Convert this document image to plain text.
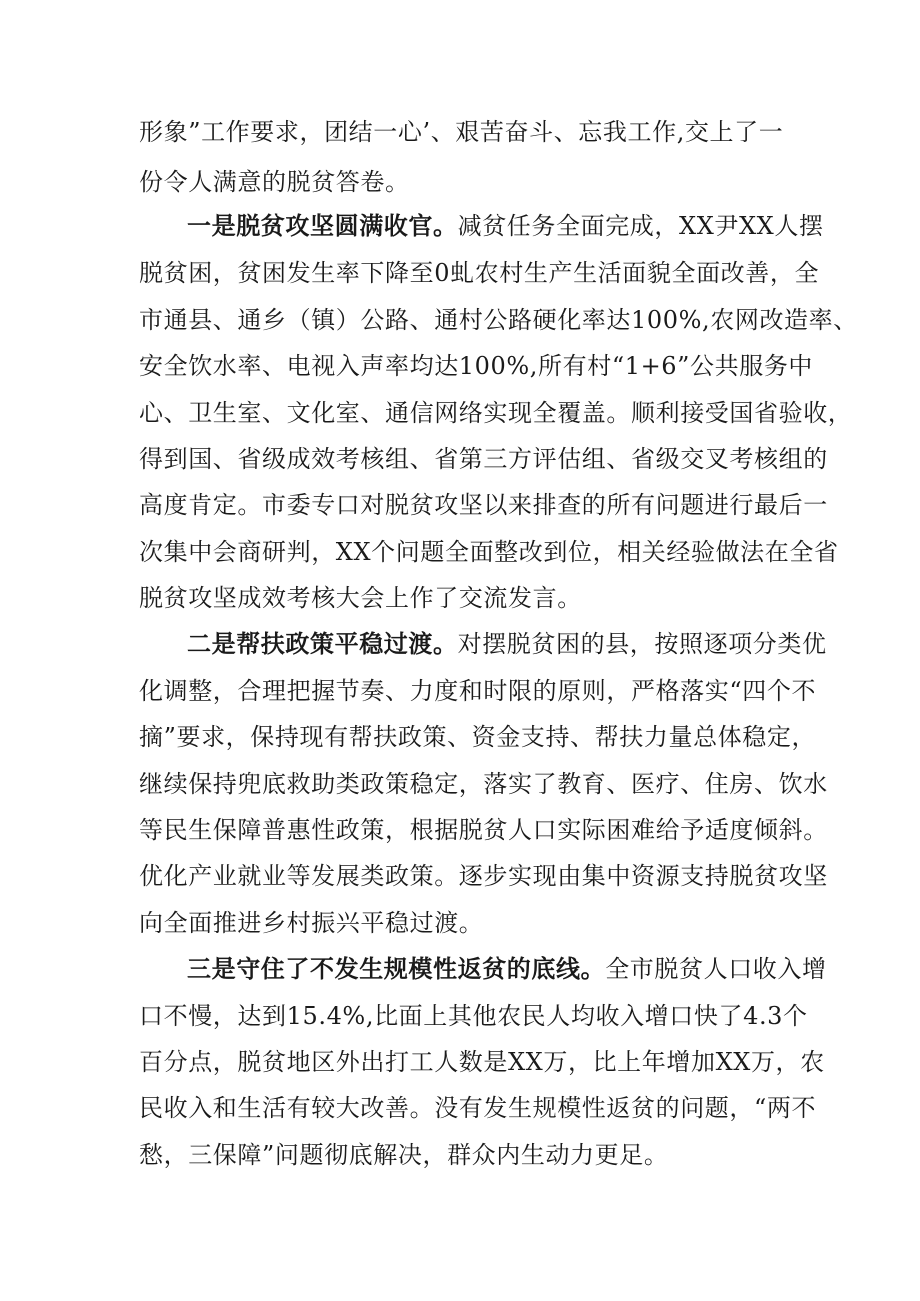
形象”工作要求，团结一心’、艰苦奋斗、忘我工作,交上了一
份令人满意的脱贫答卷。
一是脱贫攻坚圆满收官。减贫任务全面完成，XX尹XX人摆
脱贫困，贫困发生率下降至0虬农村生产生活面貌全面改善，全
市通县、通乡（镇）公路、通村公路硬化率达100%,农网改造率、
安全饮水率、电视入声率均达100%,所有村“1+6”公共服务中
心、卫生室、文化室、通信网络实现全覆盖。顺利接受国省验收，
得到国、省级成效考核组、省第三方评估组、省级交叉考核组的
高度肯定。市委专口对脱贫攻坚以来排查的所有问题进行最后一
次集中会商研判，XX个问题全面整改到位，相关经验做法在全省
脱贫攻坚成效考核大会上作了交流发言。
二是帮扶政策平稳过渡。对摆脱贫困的县，按照逐项分类优
化调整，合理把握节奏、力度和时限的原则，严格落实“四个不
摘”要求，保持现有帮扶政策、资金支持、帮扶力量总体稳定，
继续保持兜底救助类政策稳定，落实了教育、医疗、住房、饮水
等民生保障普惠性政策，根据脱贫人口实际困难给予适度倾斜。
优化产业就业等发展类政策。逐步实现由集中资源支持脱贫攻坚
向全面推进乡村振兴平稳过渡。
三是守住了不发生规模性返贫的底线。全市脱贫人口收入增
口不慢，达到15.4%,比面上其他农民人均收入增口快了4.3个
百分点，脱贫地区外出打工人数是XX万，比上年增加XX万，农
民收入和生活有较大改善。没有发生规模性返贫的问题，“两不
愁，三保障”问题彻底解决，群众内生动力更足。
